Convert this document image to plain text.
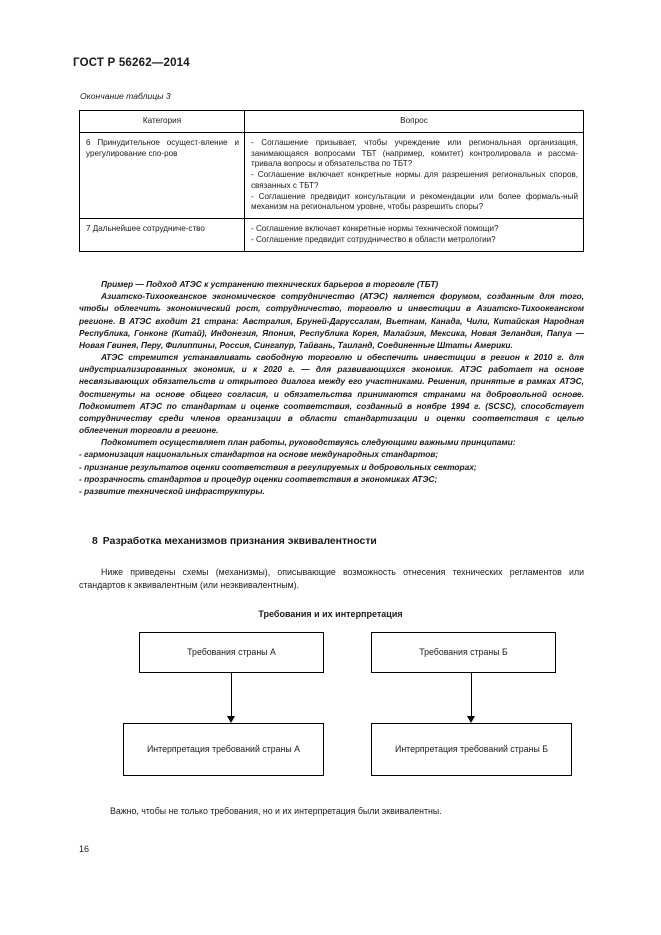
ГОСТ Р 56262—2014
Окончание таблицы 3
Категория	Вопрос

6 Принудительное осущест-вление и урегулирование спо-ров	- Соглашение призывает, чтобы учреждение или региональная организация, занимающаяся вопросами ТБТ (например, комитет) контролировала и рассма-тривала вопросы и обязательства по ТБТ?
- Соглашение включает конкретные нормы для разрешения региональных споров, связанных с ТБТ?
- Соглашение предвидит консультации и рекомендации или более формаль-ный механизм на региональном уровне, чтобы разрешить споры?

7 Дальнейшее сотрудниче-ство	- Соглашение включает конкретные нормы технической помощи?
- Соглашение предвидит сотрудничество в области метрологии?

Пример — Подход АТЭС к устранению технических барьеров в торговле (ТБТ)

Азиатско-Тихоокеанское экономическое сотрудничество (АТЭС) является форумом, созданным для того, чтобы облегчить экономический рост, сотрудничество, торговлю и инвестиции в Азиатско-Тихоокеанском регионе. В АТЭС входит 21 страна: Австралия, Бруней-Даруссалам, Вьетнам, Канада, Чили, Китайская Народная Республика, Гонконг (Китай), Индонезия, Япония, Республика Корея, Малайзия, Мексика, Новая Зеландия, Папуа — Новая Гвинея, Перу, Филиппины, Россия, Сингапур, Тайвань, Таиланд, Соединенные Штаты Америки.

АТЭС стремится устанавливать свободную торговлю и обеспечить инвестиции в регион к 2010 г. для индустриализированных экономик, и к 2020 г. — для развивающихся экономик. АТЭС работает на основе несвязывающих обязательств и открытого диалога между его участниками. Решения, принятые в рамках АТЭС, достигнуты на основе общего согласия, и обязательства принимаются странами на добровольной основе. Подкомитет АТЭС по стандартам и оценке соответствия, созданный в ноябре 1994 г. (SCSC), способствует сотрудничеству среди членов организации в области стандартизации и оценки соответствия с целью облегчения торговли в регионе.

Подкомитет осуществляет план работы, руководствуясь следующими важными принципами:

- гармонизация национальных стандартов на основе международных стандартов;

- признание результатов оценки соответствия в регулируемых и добровольных секторах;

- прозрачность стандартов и процедур оценки соответствия в экономиках АТЭС;

- развитие технической инфраструктуры.

8 Разработка механизмов признания эквивалентности

Ниже приведены схемы (механизмы), описывающие возможность отнесения технических регламентов или стандартов к эквивалентным (или неэквивалентным).

Требования и их интерпретация
Требования страны А	Требования страны Б
Интерпретация требований страны А	Интерпретация требований страны Б
Важно, чтобы не только требования, но и их интерпретация были эквивалентны.
16
